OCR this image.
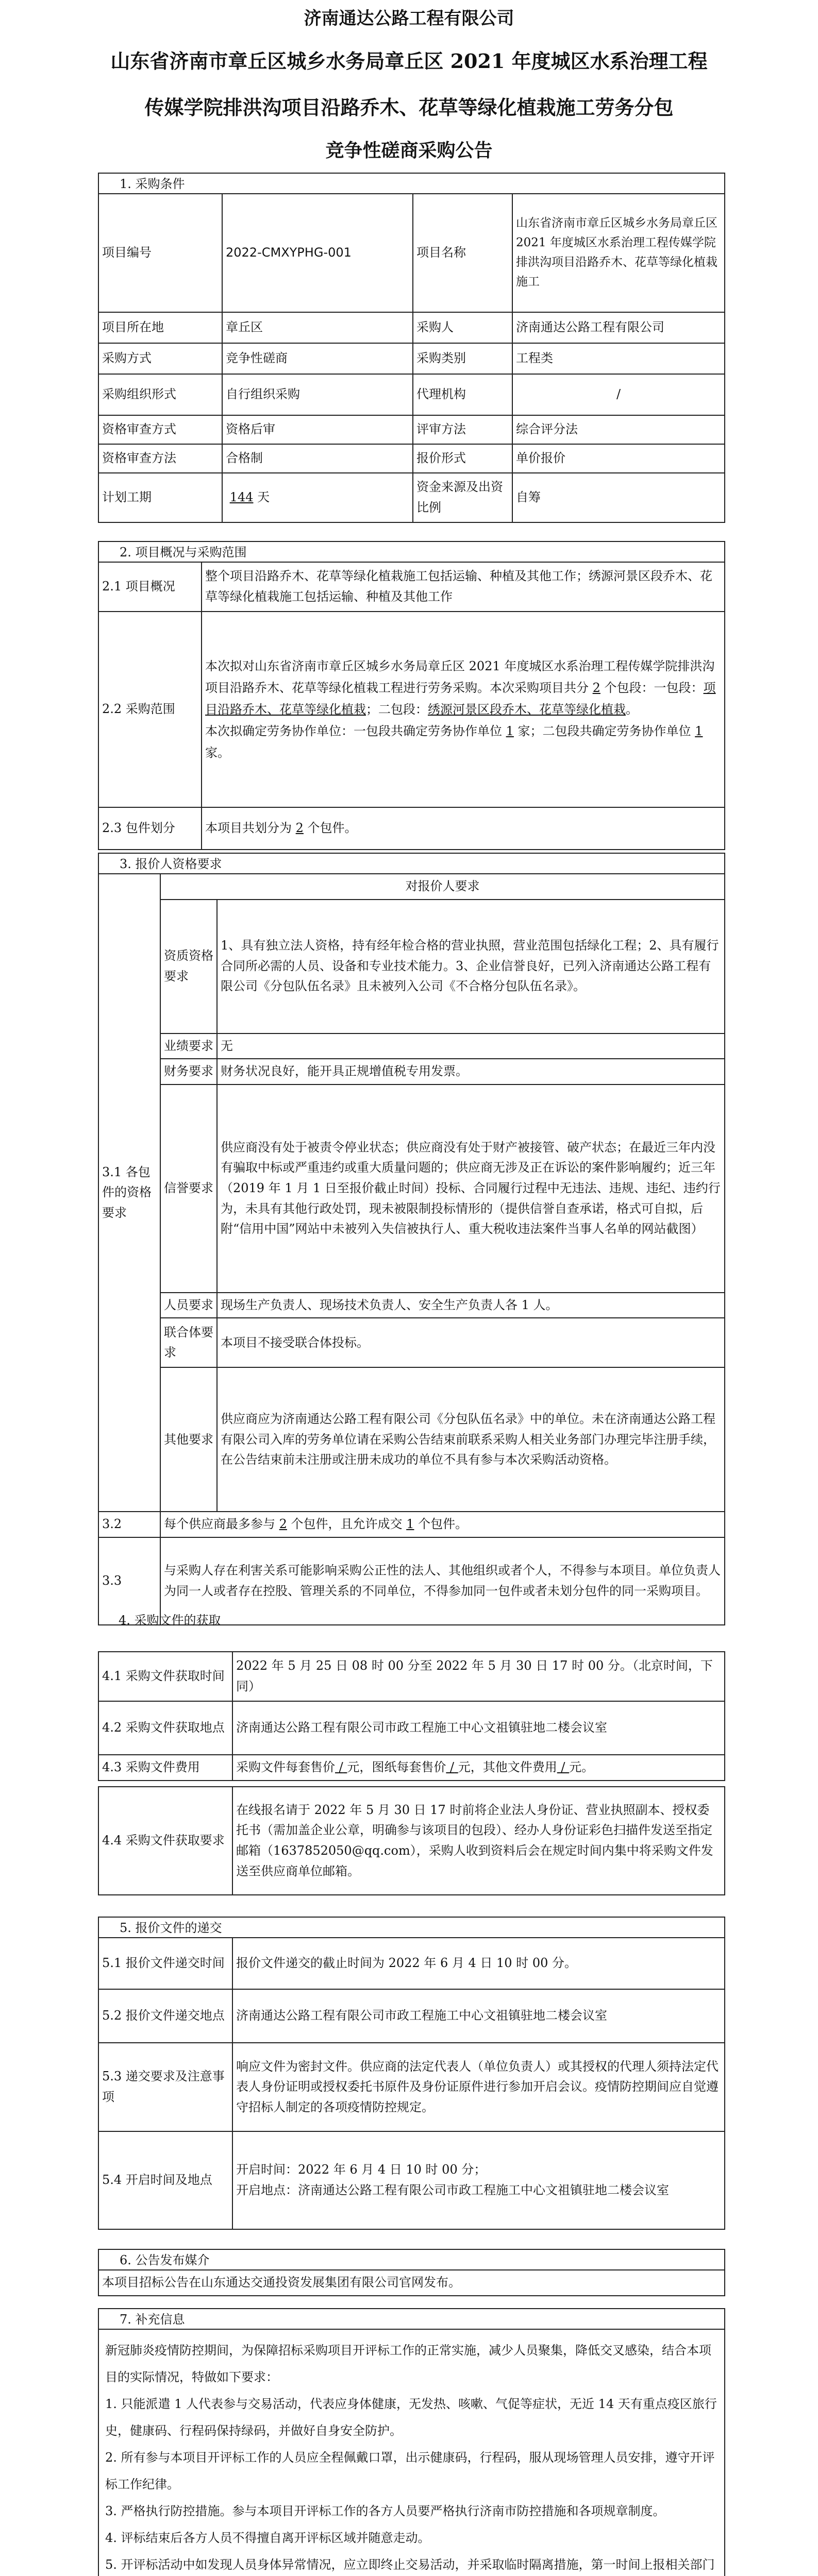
济南通达公路工程有限公司
山东省济南市章丘区城乡水务局章丘区 2021 年度城区水系治理工程
传媒学院排洪沟项目沿路乔木、花草等绿化植栽施工劳务分包
竞争性磋商采购公告
1. 采购条件
项目编号	2022-CMXYPHG-001	项目名称	山东省济南市章丘区城乡水务局章丘区 2021 年度城区水系治理工程传媒学院排洪沟项目沿路乔木、花草等绿化植栽施工
项目所在地	章丘区	采购人	济南通达公路工程有限公司
采购方式	竞争性磋商	采购类别	工程类
采购组织形式	自行组织采购	代理机构	/
资格审查方式	资格后审	评审方法	综合评分法
资格审查方法	合格制	报价形式	单价报价
计划工期	144 天	资金来源及出资比例	自筹
2. 项目概况与采购范围
2.1 项目概况	整个项目沿路乔木、花草等绿化植栽施工包括运输、种植及其他工作；绣源河景区段乔木、花草等绿化植栽施工包括运输、种植及其他工作
2.2 采购范围	本次拟对山东省济南市章丘区城乡水务局章丘区 2021 年度城区水系治理工程传媒学院排洪沟项目沿路乔木、花草等绿化植栽工程进行劳务采购。本次采购项目共分 2 个包段：一包段：项目沿路乔木、花草等绿化植栽；二包段：绣源河景区段乔木、花草等绿化植栽。
本次拟确定劳务协作单位：一包段共确定劳务协作单位 1 家；二包段共确定劳务协作单位 1 家。
2.3 包件划分	本项目共划分为 2 个包件。
3. 报价人资格要求
3.1 各包件的资格要求	对报价人要求	
	资质资格要求	1、具有独立法人资格，持有经年检合格的营业执照，营业范围包括绿化工程；2、具有履行合同所必需的人员、设备和专业技术能力。3、企业信誉良好，已列入济南通达公路工程有限公司《分包队伍名录》且未被列入公司《不合格分包队伍名录》。
	业绩要求	无
	财务要求	财务状况良好，能开具正规增值税专用发票。
	信誉要求	供应商没有处于被责令停业状态；供应商没有处于财产被接管、破产状态；在最近三年内没有骗取中标或严重违约或重大质量问题的；供应商无涉及正在诉讼的案件影响履约；近三年（2019 年 1 月 1 日至报价截止时间）投标、合同履行过程中无违法、违规、违纪、违约行为，未具有其他行政处罚，现未被限制投标情形的（提供信誉自查承诺，格式可自拟，后附“信用中国”网站中未被列入失信被执行人、重大税收违法案件当事人名单的网站截图）
	人员要求	现场生产负责人、现场技术负责人、安全生产负责人各 1 人。
	联合体要求	本项目不接受联合体投标。
	其他要求	供应商应为济南通达公路工程有限公司《分包队伍名录》中的单位。未在济南通达公路工程有限公司入库的劳务单位请在采购公告结束前联系采购人相关业务部门办理完毕注册手续，在公告结束前未注册或注册未成功的单位不具有参与本次采购活动资格。
3.2	每个供应商最多参与 2 个包件，且允许成交 1 个包件。	
3.3	与采购人存在利害关系可能影响采购公正性的法人、其他组织或者个人，不得参与本项目。单位负责人为同一人或者存在控股、管理关系的不同单位，不得参加同一包件或者未划分包件的同一采购项目。	
4. 采购文件的获取
4.1 采购文件获取时间	2022 年 5 月 25 日 08 时 00 分至 2022 年 5 月 30 日 17 时 00 分。（北京时间，下同）
4.2 采购文件获取地点	济南通达公路工程有限公司市政工程施工中心文祖镇驻地二楼会议室
4.3 采购文件费用	采购文件每套售价 / 元，图纸每套售价 / 元，其他文件费用 / 元。
4.4 采购文件获取要求	在线报名请于 2022 年 5 月 30 日 17 时前将企业法人身份证、营业执照副本、授权委托书（需加盖企业公章，明确参与该项目的包段）、经办人身份证彩色扫描件发送至指定邮箱（1637852050@qq.com），采购人收到资料后会在规定时间内集中将采购文件发送至供应商单位邮箱。
5. 报价文件的递交
5.1 报价文件递交时间	报价文件递交的截止时间为 2022 年 6 月 4 日 10 时 00 分。
5.2 报价文件递交地点	济南通达公路工程有限公司市政工程施工中心文祖镇驻地二楼会议室
5.3 递交要求及注意事项	响应文件为密封文件。供应商的法定代表人（单位负责人）或其授权的代理人须持法定代表人身份证明或授权委托书原件及身份证原件进行参加开启会议。疫情防控期间应自觉遵守招标人制定的各项疫情防控规定。
5.4 开启时间及地点	开启时间：2022 年 6 月 4 日 10 时 00 分；
开启地点：济南通达公路工程有限公司市政工程施工中心文祖镇驻地二楼会议室
6. 公告发布媒介
本项目招标公告在山东通达交通投资发展集团有限公司官网发布。
7. 补充信息
新冠肺炎疫情防控期间，为保障招标采购项目开评标工作的正常实施，减少人员聚集，降低交叉感染，结合本项目的实际情况，特做如下要求：
1. 只能派遣 1 人代表参与交易活动，代表应身体健康，无发热、咳嗽、气促等症状，无近 14 天有重点疫区旅行史，健康码、行程码保持绿码，并做好自身安全防护。
2. 所有参与本项目开评标工作的人员应全程佩戴口罩，出示健康码，行程码，服从现场管理人员安排，遵守开评标工作纪律。
3. 严格执行防控措施。参与本项目开评标工作的各方人员要严格执行济南市防控措施和各项规章制度。
4. 评标结束后各方人员不得擅自离开评标区域并随意走动。
5. 开评标活动中如发现人员身体异常情况，应立即终止交易活动，并采取临时隔离措施，第一时间上报相关部门
